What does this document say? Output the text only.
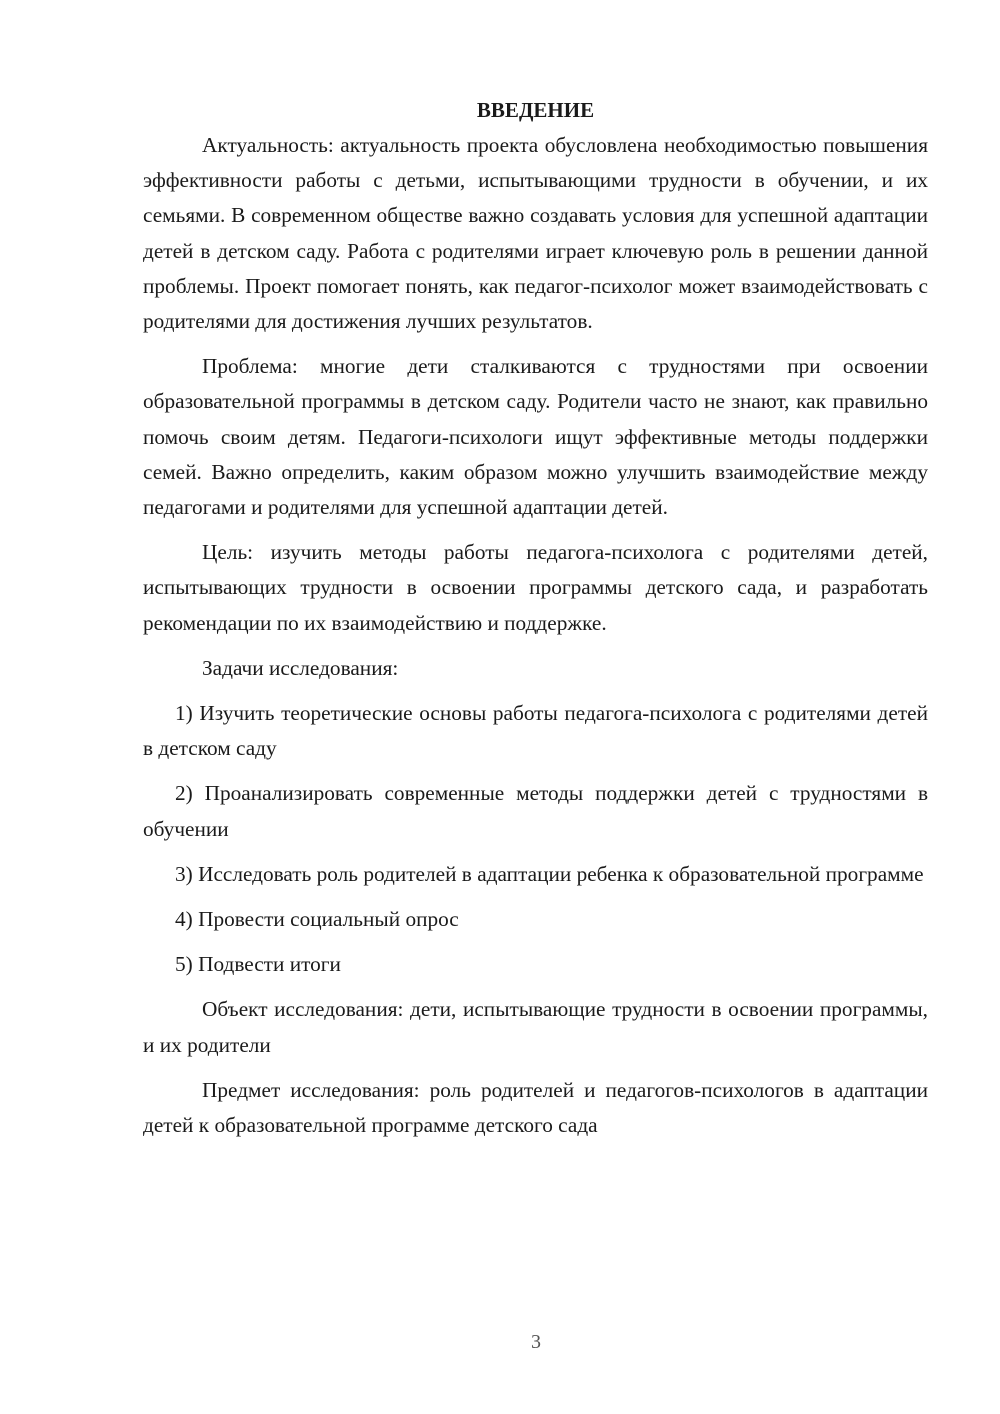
ВВЕДЕНИЕ

Актуальность: актуальность проекта обусловлена необходимостью повышения эффективности работы с детьми, испытывающими трудности в обучении, и их семьями. В современном обществе важно создавать условия для успешной адаптации детей в детском саду. Работа с родителями играет ключевую роль в решении данной проблемы. Проект помогает понять, как педагог-психолог может взаимодействовать с родителями для достижения лучших результатов.

Проблема: многие дети сталкиваются с трудностями при освоении образовательной программы в детском саду. Родители часто не знают, как правильно помочь своим детям. Педагоги-психологи ищут эффективные методы поддержки семей. Важно определить, каким образом можно улучшить взаимодействие между педагогами и родителями для успешной адаптации детей.

Цель: изучить методы работы педагога-психолога с родителями детей, испытывающих трудности в освоении программы детского сада, и разработать рекомендации по их взаимодействию и поддержке.

Задачи исследования:

1) Изучить теоретические основы работы педагога-психолога с родителями детей в детском саду

2) Проанализировать современные методы поддержки детей с трудностями в обучении

3) Исследовать роль родителей в адаптации ребенка к образовательной программе

4) Провести социальный опрос

5) Подвести итоги

Объект исследования: дети, испытывающие трудности в освоении программы, и их родители

Предмет исследования: роль родителей и педагогов-психологов в адаптации детей к образовательной программе детского сада

3
